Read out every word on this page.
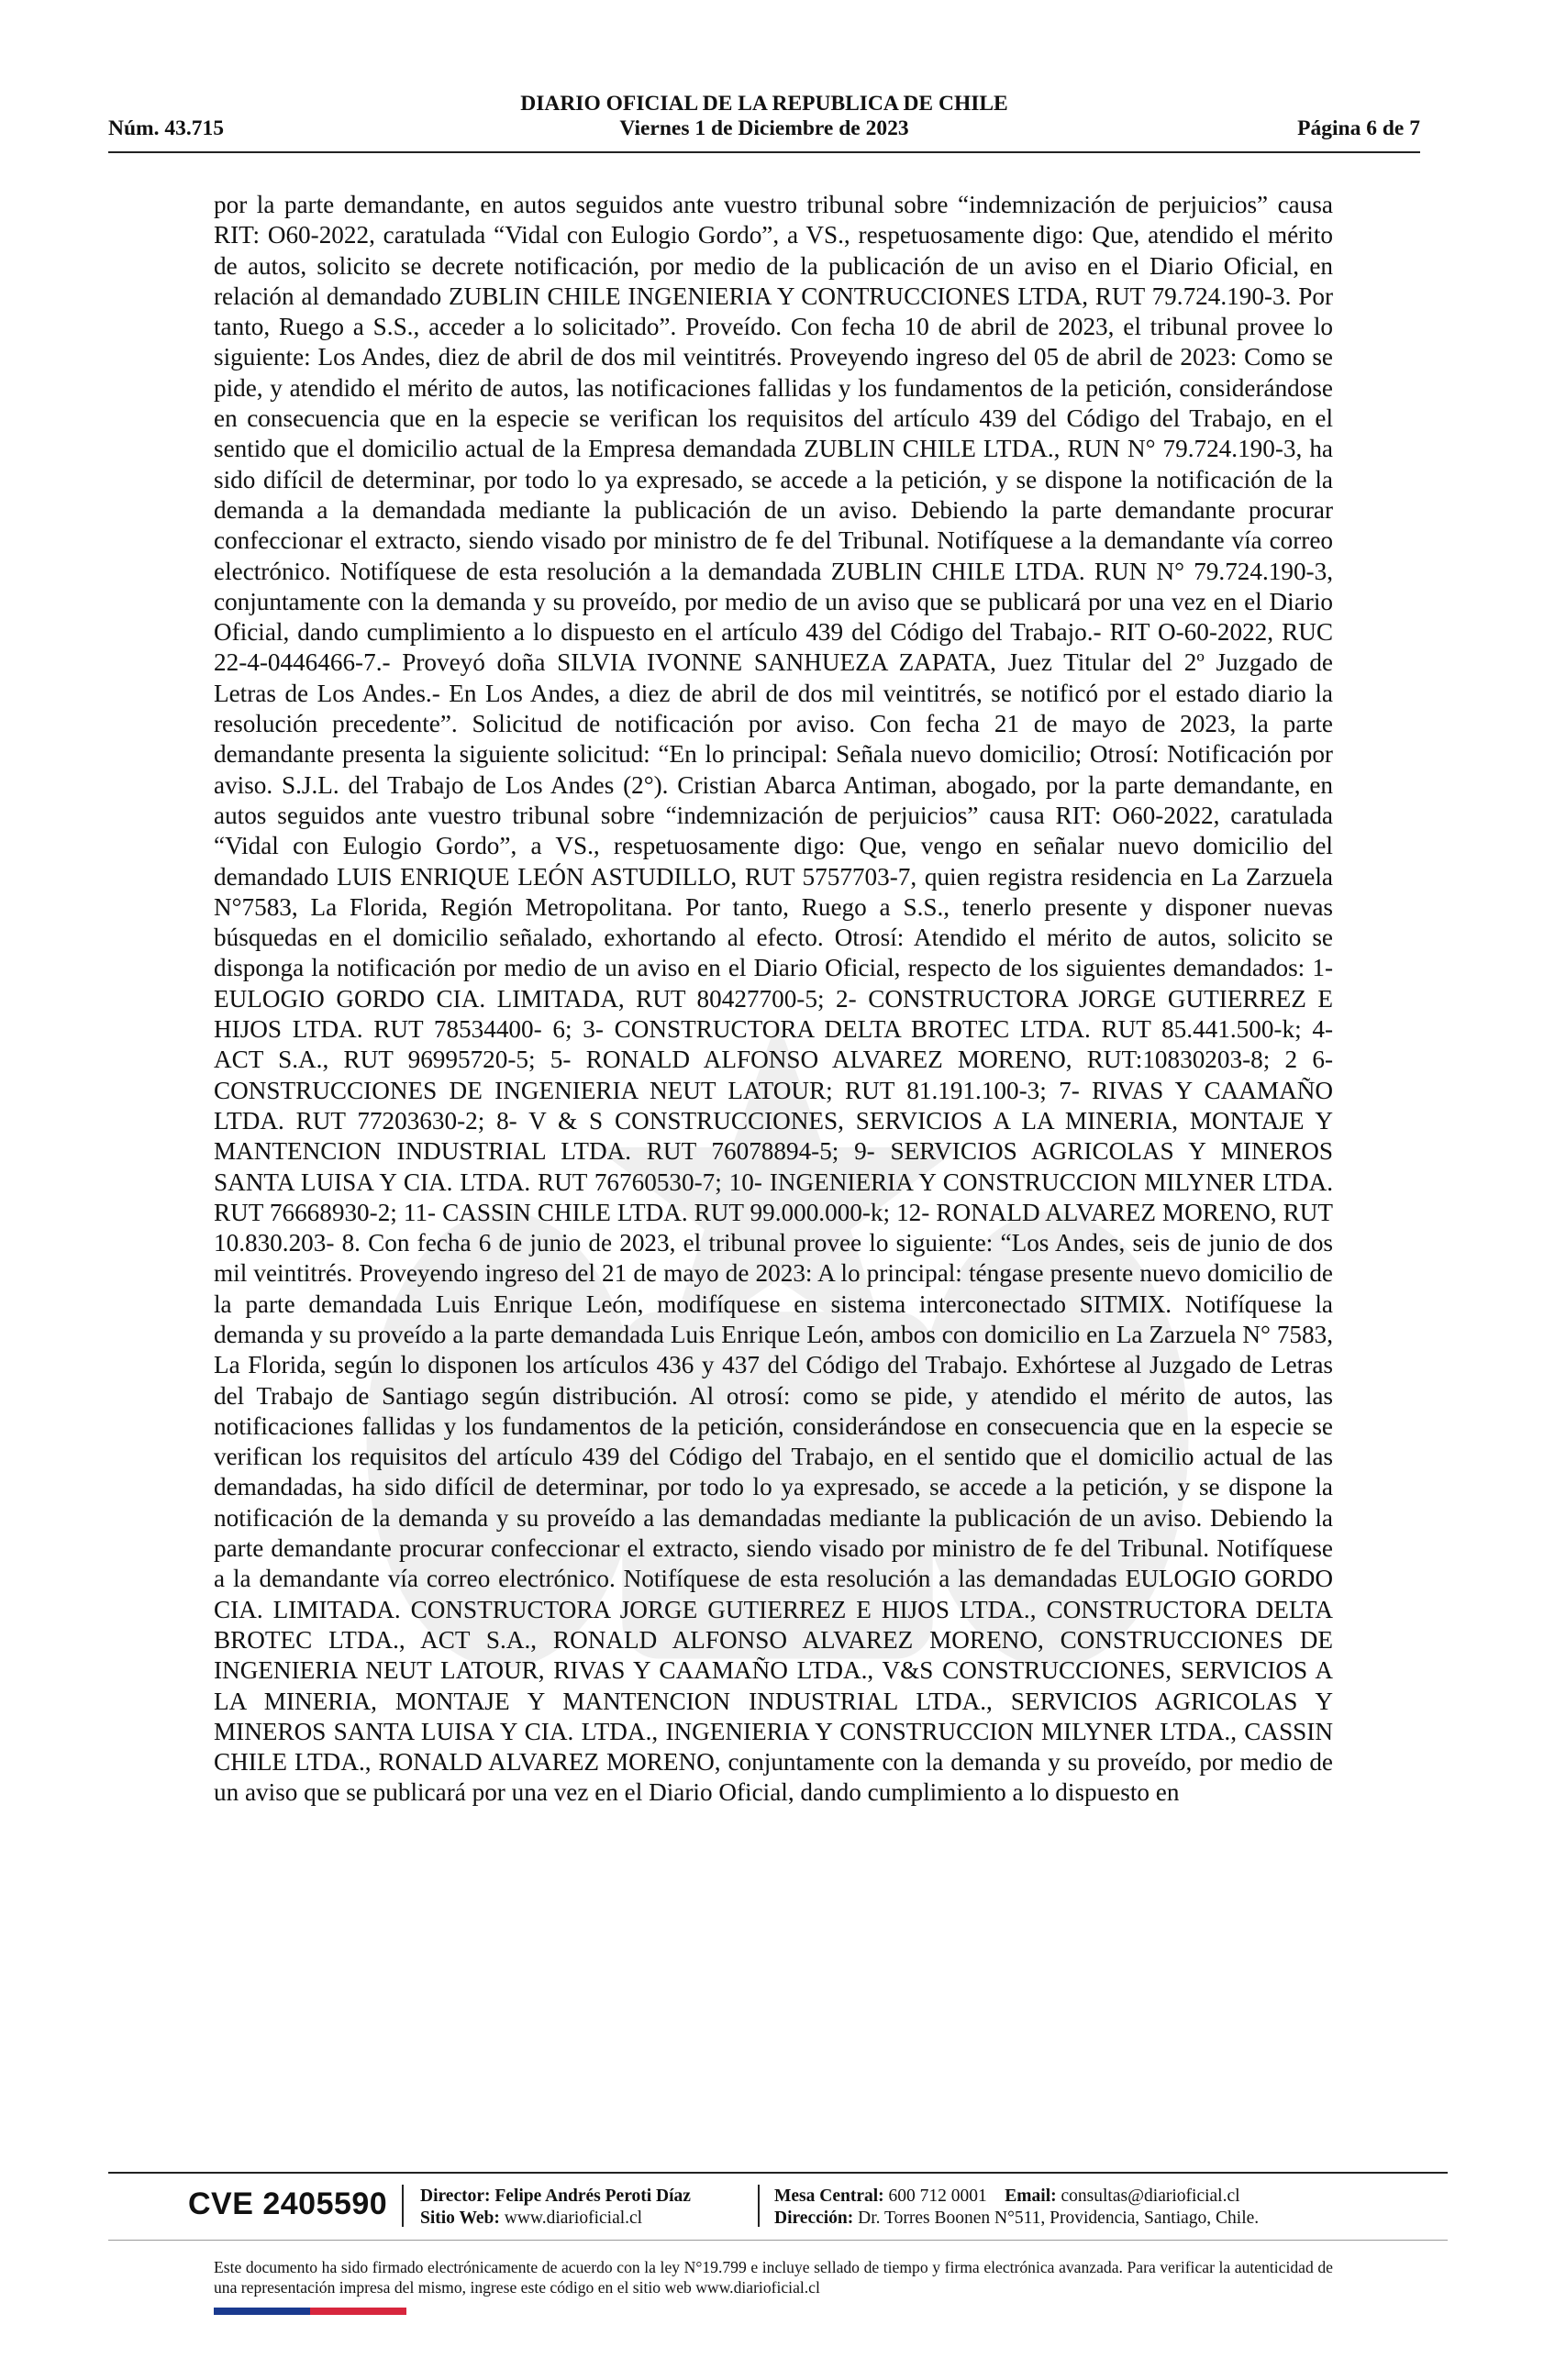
DIARIO OFICIAL DE LA REPUBLICA DE CHILE
Viernes 1 de Diciembre de 2023
Núm. 43.715	Página 6 de 7
por la parte demandante, en autos seguidos ante vuestro tribunal sobre “indemnización de perjuicios” causa RIT: O60-2022, caratulada “Vidal con Eulogio Gordo”, a VS., respetuosamente digo: Que, atendido el mérito de autos, solicito se decrete notificación, por medio de la publicación de un aviso en el Diario Oficial, en relación al demandado ZUBLIN CHILE INGENIERIA Y CONTRUCCIONES LTDA, RUT 79.724.190-3. Por tanto, Ruego a S.S., acceder a lo solicitado”. Proveído. Con fecha 10 de abril de 2023, el tribunal provee lo siguiente: Los Andes, diez de abril de dos mil veintitrés. Proveyendo ingreso del 05 de abril de 2023: Como se pide, y atendido el mérito de autos, las notificaciones fallidas y los fundamentos de la petición, considerándose en consecuencia que en la especie se verifican los requisitos del artículo 439 del Código del Trabajo, en el sentido que el domicilio actual de la Empresa demandada ZUBLIN CHILE LTDA., RUN N° 79.724.190-3, ha sido difícil de determinar, por todo lo ya expresado, se accede a la petición, y se dispone la notificación de la demanda a la demandada mediante la publicación de un aviso. Debiendo la parte demandante procurar confeccionar el extracto, siendo visado por ministro de fe del Tribunal. Notifíquese a la demandante vía correo electrónico. Notifíquese de esta resolución a la demandada ZUBLIN CHILE LTDA. RUN N° 79.724.190-3, conjuntamente con la demanda y su proveído, por medio de un aviso que se publicará por una vez en el Diario Oficial, dando cumplimiento a lo dispuesto en el artículo 439 del Código del Trabajo.- RIT O-60-2022, RUC 22-4-0446466-7.- Proveyó doña SILVIA IVONNE SANHUEZA ZAPATA, Juez Titular del 2º Juzgado de Letras de Los Andes.- En Los Andes, a diez de abril de dos mil veintitrés, se notificó por el estado diario la resolución precedente”. Solicitud de notificación por aviso. Con fecha 21 de mayo de 2023, la parte demandante presenta la siguiente solicitud: “En lo principal: Señala nuevo domicilio; Otrosí: Notificación por aviso. S.J.L. del Trabajo de Los Andes (2°). Cristian Abarca Antiman, abogado, por la parte demandante, en autos seguidos ante vuestro tribunal sobre “indemnización de perjuicios” causa RIT: O60-2022, caratulada “Vidal con Eulogio Gordo”, a VS., respetuosamente digo: Que, vengo en señalar nuevo domicilio del demandado LUIS ENRIQUE LEÓN ASTUDILLO, RUT 5757703-7, quien registra residencia en La Zarzuela N°7583, La Florida, Región Metropolitana. Por tanto, Ruego a S.S., tenerlo presente y disponer nuevas búsquedas en el domicilio señalado, exhortando al efecto. Otrosí: Atendido el mérito de autos, solicito se disponga la notificación por medio de un aviso en el Diario Oficial, respecto de los siguientes demandados: 1- EULOGIO GORDO CIA. LIMITADA, RUT 80427700-5; 2- CONSTRUCTORA JORGE GUTIERREZ E HIJOS LTDA. RUT 78534400- 6; 3- CONSTRUCTORA DELTA BROTEC LTDA. RUT 85.441.500-k; 4- ACT S.A., RUT 96995720-5; 5- RONALD ALFONSO ALVAREZ MORENO, RUT:10830203-8; 2 6- CONSTRUCCIONES DE INGENIERIA NEUT LATOUR; RUT 81.191.100-3; 7- RIVAS Y CAAMAÑO LTDA. RUT 77203630-2; 8- V & S CONSTRUCCIONES, SERVICIOS A LA MINERIA, MONTAJE Y MANTENCION INDUSTRIAL LTDA. RUT 76078894-5; 9- SERVICIOS AGRICOLAS Y MINEROS SANTA LUISA Y CIA. LTDA. RUT 76760530-7; 10- INGENIERIA Y CONSTRUCCION MILYNER LTDA. RUT 76668930-2; 11- CASSIN CHILE LTDA. RUT 99.000.000-k; 12- RONALD ALVAREZ MORENO, RUT 10.830.203- 8. Con fecha 6 de junio de 2023, el tribunal provee lo siguiente: “Los Andes, seis de junio de dos mil veintitrés. Proveyendo ingreso del 21 de mayo de 2023: A lo principal: téngase presente nuevo domicilio de la parte demandada Luis Enrique León, modifíquese en sistema interconectado SITMIX. Notifíquese la demanda y su proveído a la parte demandada Luis Enrique León, ambos con domicilio en La Zarzuela N° 7583, La Florida, según lo disponen los artículos 436 y 437 del Código del Trabajo. Exhórtese al Juzgado de Letras del Trabajo de Santiago según distribución. Al otrosí: como se pide, y atendido el mérito de autos, las notificaciones fallidas y los fundamentos de la petición, considerándose en consecuencia que en la especie se verifican los requisitos del artículo 439 del Código del Trabajo, en el sentido que el domicilio actual de las demandadas, ha sido difícil de determinar, por todo lo ya expresado, se accede a la petición, y se dispone la notificación de la demanda y su proveído a las demandadas mediante la publicación de un aviso. Debiendo la parte demandante procurar confeccionar el extracto, siendo visado por ministro de fe del Tribunal. Notifíquese a la demandante vía correo electrónico. Notifíquese de esta resolución a las demandadas EULOGIO GORDO CIA. LIMITADA. CONSTRUCTORA JORGE GUTIERREZ E HIJOS LTDA., CONSTRUCTORA DELTA BROTEC LTDA., ACT S.A., RONALD ALFONSO ALVAREZ MORENO, CONSTRUCCIONES DE INGENIERIA NEUT LATOUR, RIVAS Y CAAMAÑO LTDA., V&S CONSTRUCCIONES, SERVICIOS A LA MINERIA, MONTAJE Y MANTENCION INDUSTRIAL LTDA., SERVICIOS AGRICOLAS Y MINEROS SANTA LUISA Y CIA. LTDA., INGENIERIA Y CONSTRUCCION MILYNER LTDA., CASSIN CHILE LTDA., RONALD ALVAREZ MORENO, conjuntamente con la demanda y su proveído, por medio de un aviso que se publicará por una vez en el Diario Oficial, dando cumplimiento a lo dispuesto en
CVE 2405590 Director: Felipe Andrés Peroti Díaz
Sitio Web: www.diarioficial.cl
Mesa Central: 600 712 0001 Email: consultas@diarioficial.cl
Dirección: Dr. Torres Boonen N°511, Providencia, Santiago, Chile.
Este documento ha sido firmado electrónicamente de acuerdo con la ley N°19.799 e incluye sellado de tiempo y firma electrónica avanzada. Para verificar la autenticidad de una representación impresa del mismo, ingrese este código en el sitio web www.diarioficial.cl
